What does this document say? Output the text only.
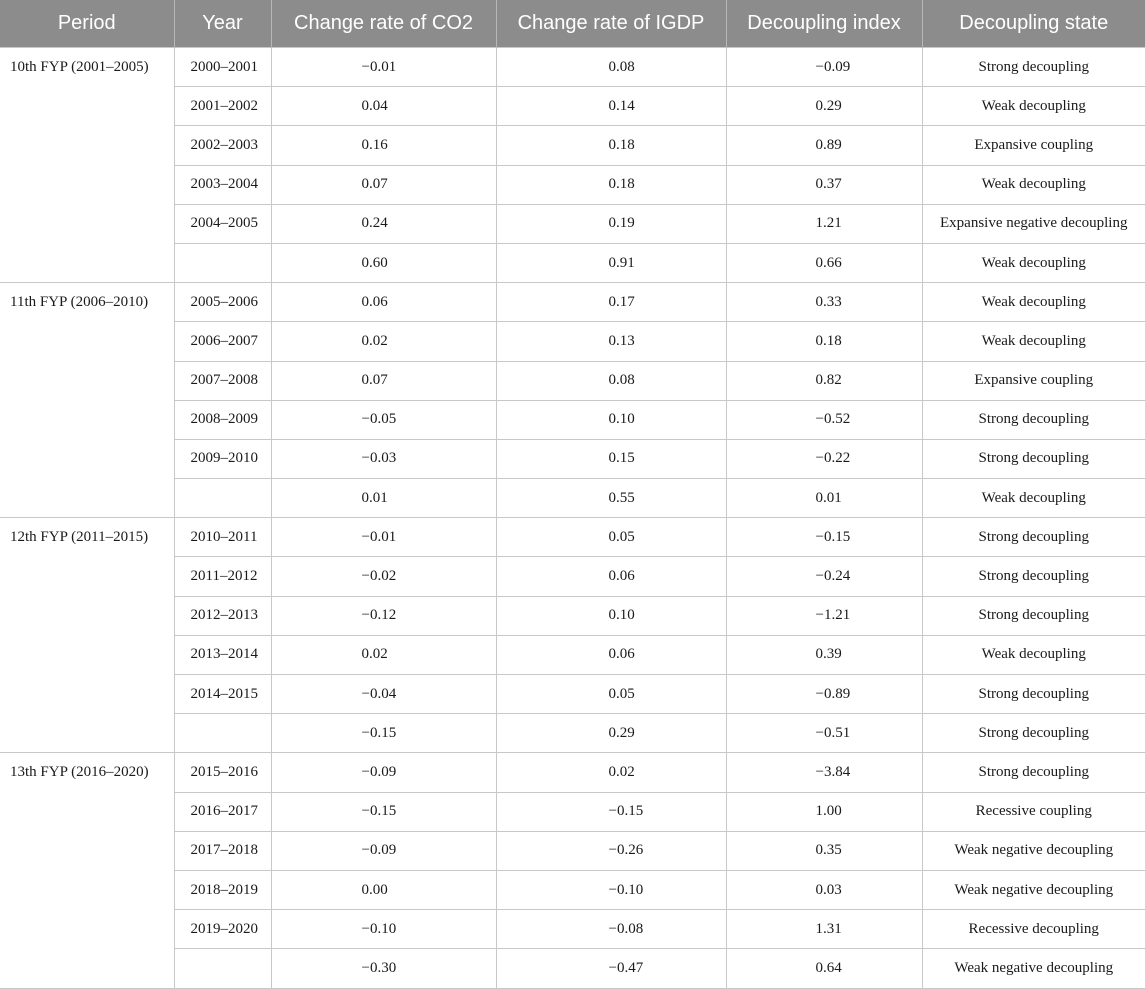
Period	Year	Change rate of CO2	Change rate of IGDP	Decoupling index	Decoupling state
10th FYP (2001–2005)	2000–2001	−0.01	0.08	−0.09	Strong decoupling
	2001–2002	0.04	0.14	0.29	Weak decoupling
	2002–2003	0.16	0.18	0.89	Expansive coupling
	2003–2004	0.07	0.18	0.37	Weak decoupling
	2004–2005	0.24	0.19	1.21	Expansive negative decoupling
		0.60	0.91	0.66	Weak decoupling
11th FYP (2006–2010)	2005–2006	0.06	0.17	0.33	Weak decoupling
	2006–2007	0.02	0.13	0.18	Weak decoupling
	2007–2008	0.07	0.08	0.82	Expansive coupling
	2008–2009	−0.05	0.10	−0.52	Strong decoupling
	2009–2010	−0.03	0.15	−0.22	Strong decoupling
		0.01	0.55	0.01	Weak decoupling
12th FYP (2011–2015)	2010–2011	−0.01	0.05	−0.15	Strong decoupling
	2011–2012	−0.02	0.06	−0.24	Strong decoupling
	2012–2013	−0.12	0.10	−1.21	Strong decoupling
	2013–2014	0.02	0.06	0.39	Weak decoupling
	2014–2015	−0.04	0.05	−0.89	Strong decoupling
		−0.15	0.29	−0.51	Strong decoupling
13th FYP (2016–2020)	2015–2016	−0.09	0.02	−3.84	Strong decoupling
	2016–2017	−0.15	−0.15	1.00	Recessive coupling
	2017–2018	−0.09	−0.26	0.35	Weak negative decoupling
	2018–2019	0.00	−0.10	0.03	Weak negative decoupling
	2019–2020	−0.10	−0.08	1.31	Recessive decoupling
		−0.30	−0.47	0.64	Weak negative decoupling
